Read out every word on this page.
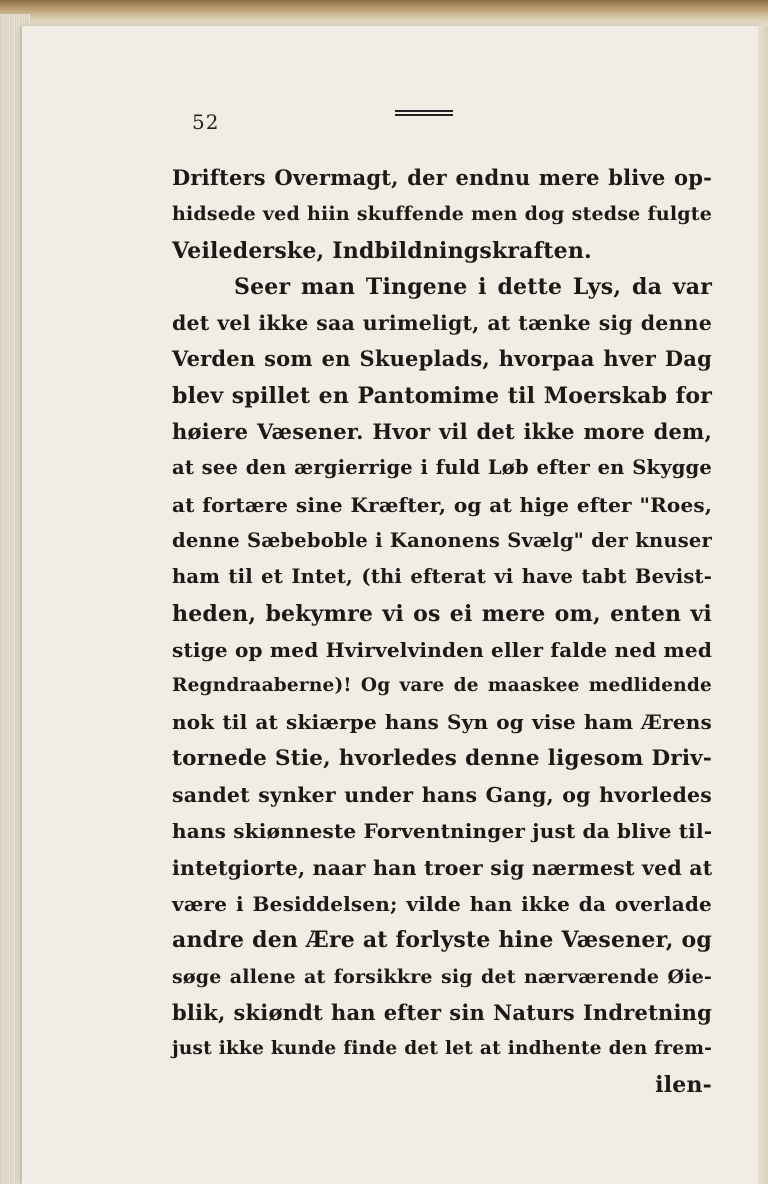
52
Drifters Overmagt, der endnu mere blive op-
hidsede ved hiin skuffende men dog stedse fulgte
Veilederske, Indbildningskraften.
Seer man Tingene i dette Lys, da var
det vel ikke saa urimeligt, at tænke sig denne
Verden som en Skueplads, hvorpaa hver Dag
blev spillet en Pantomime til Moerskab for
høiere Væsener. Hvor vil det ikke more dem,
at see den ærgierrige i fuld Løb efter en Skygge
at fortære sine Kræfter, og at hige efter "Roes,
denne Sæbeboble i Kanonens Svælg" der knuser
ham til et Intet, (thi efterat vi have tabt Bevist-
heden, bekymre vi os ei mere om, enten vi
stige op med Hvirvelvinden eller falde ned med
Regndraaberne)! Og vare de maaskee medlidende
nok til at skiærpe hans Syn og vise ham Ærens
tornede Stie, hvorledes denne ligesom Driv-
sandet synker under hans Gang, og hvorledes
hans skiønneste Forventninger just da blive til-
intetgiorte, naar han troer sig nærmest ved at
være i Besiddelsen; vilde han ikke da overlade
andre den Ære at forlyste hine Væsener, og
søge allene at forsikkre sig det nærværende Øie-
blik, skiøndt han efter sin Naturs Indretning
just ikke kunde finde det let at indhente den frem-
ilen-
